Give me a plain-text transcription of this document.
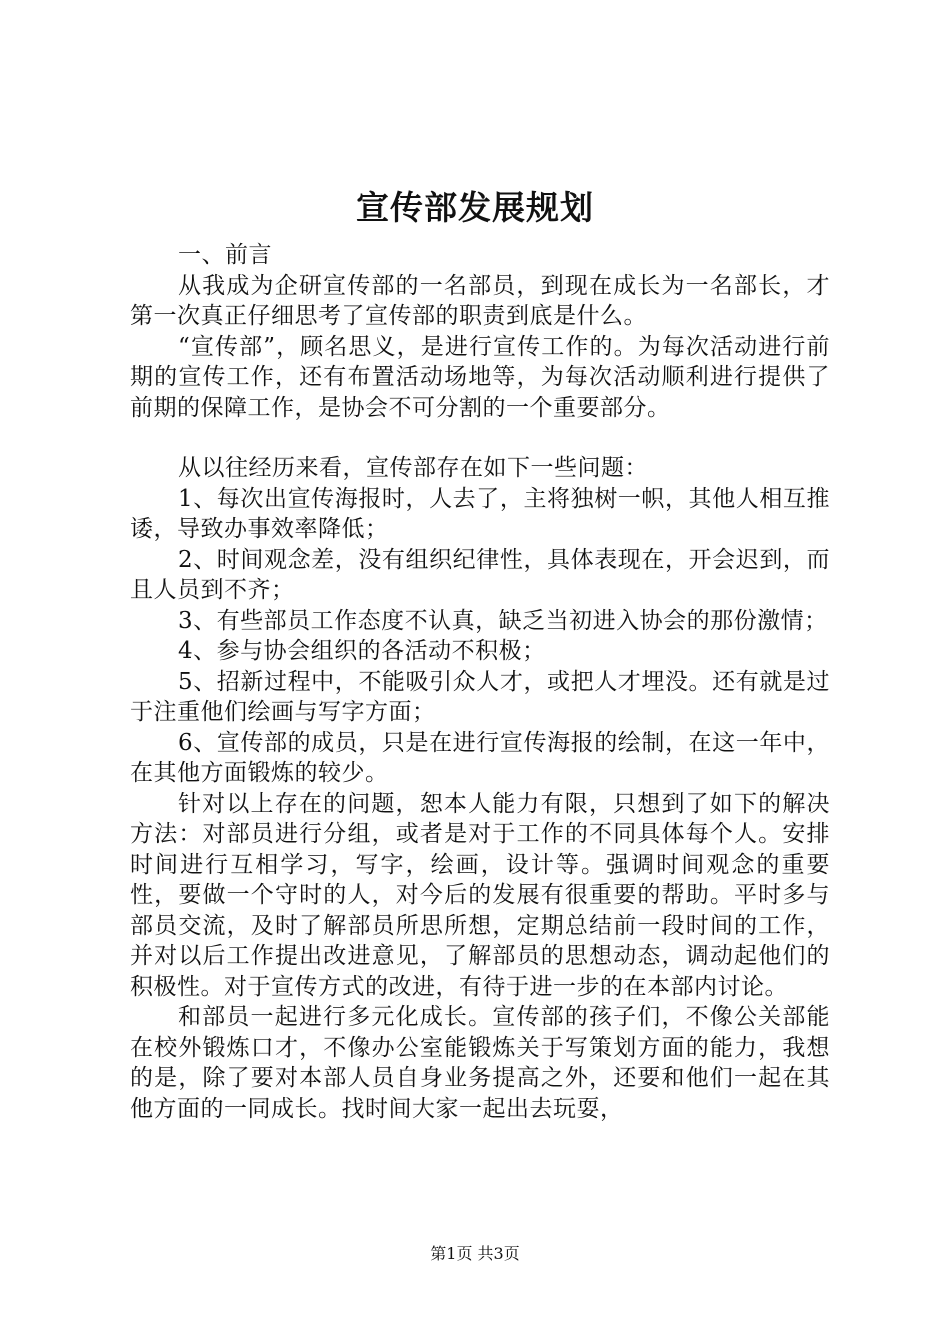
宣传部发展规划

一、前言

从我成为企研宣传部的一名部员，到现在成长为一名部长，才第一次真正仔细思考了宣传部的职责到底是什么。

“宣传部”，顾名思义，是进行宣传工作的。为每次活动进行前期的宣传工作，还有布置活动场地等，为每次活动顺利进行提供了前期的保障工作，是协会不可分割的一个重要部分。

从以往经历来看，宣传部存在如下一些问题：

1、每次出宣传海报时，人去了，主将独树一帜，其他人相互推诿，导致办事效率降低；

2、时间观念差，没有组织纪律性，具体表现在，开会迟到，而且人员到不齐；

3、有些部员工作态度不认真，缺乏当初进入协会的那份激情；

4、参与协会组织的各活动不积极；

5、招新过程中，不能吸引众人才，或把人才埋没。还有就是过于注重他们绘画与写字方面；

6、宣传部的成员，只是在进行宣传海报的绘制，在这一年中，在其他方面锻炼的较少。

针对以上存在的问题，恕本人能力有限，只想到了如下的解决方法：对部员进行分组，或者是对于工作的不同具体每个人。安排时间进行互相学习，写字，绘画，设计等。强调时间观念的重要性，要做一个守时的人，对今后的发展有很重要的帮助。平时多与部员交流，及时了解部员所思所想，定期总结前一段时间的工作，并对以后工作提出改进意见，了解部员的思想动态，调动起他们的积极性。对于宣传方式的改进，有待于进一步的在本部内讨论。

和部员一起进行多元化成长。宣传部的孩子们，不像公关部能在校外锻炼口才，不像办公室能锻炼关于写策划方面的能力，我想的是，除了要对本部人员自身业务提高之外，还要和他们一起在其他方面的一同成长。找时间大家一起出去玩耍，

第1页 共3页
